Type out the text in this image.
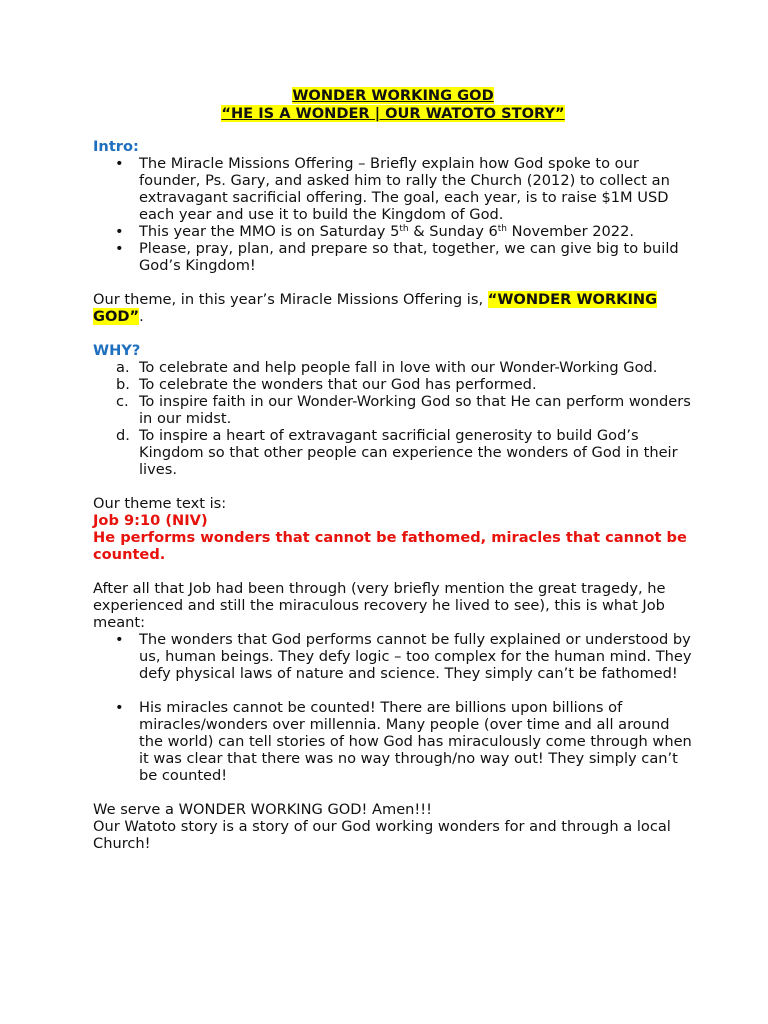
WONDER WORKING GOD
“HE IS A WONDER | OUR WATOTO STORY”

Intro:

• The Miracle Missions Offering – Briefly explain how God spoke to our founder, Ps. Gary, and asked him to rally the Church (2012) to collect an extravagant sacrificial offering. The goal, each year, is to raise $1M USD each year and use it to build the Kingdom of God.
• This year the MMO is on Saturday 5th & Sunday 6th November 2022.
• Please, pray, plan, and prepare so that, together, we can give big to build God’s Kingdom!

Our theme, in this year’s Miracle Missions Offering is, “WONDER WORKING GOD”.

WHY?

a. To celebrate and help people fall in love with our Wonder-Working God.
b. To celebrate the wonders that our God has performed.
c. To inspire faith in our Wonder-Working God so that He can perform wonders in our midst.
d. To inspire a heart of extravagant sacrificial generosity to build God’s Kingdom so that other people can experience the wonders of God in their lives.

Our theme text is:

Job 9:10 (NIV)

He performs wonders that cannot be fathomed, miracles that cannot be counted.

After all that Job had been through (very briefly mention the great tragedy, he experienced and still the miraculous recovery he lived to see), this is what Job meant:

• The wonders that God performs cannot be fully explained or understood by us, human beings. They defy logic – too complex for the human mind. They defy physical laws of nature and science. They simply can’t be fathomed!
• His miracles cannot be counted! There are billions upon billions of miracles/wonders over millennia. Many people (over time and all around the world) can tell stories of how God has miraculously come through when it was clear that there was no way through/no way out! They simply can’t be counted!

We serve a WONDER WORKING GOD! Amen!!!

Our Watoto story is a story of our God working wonders for and through a local Church!
